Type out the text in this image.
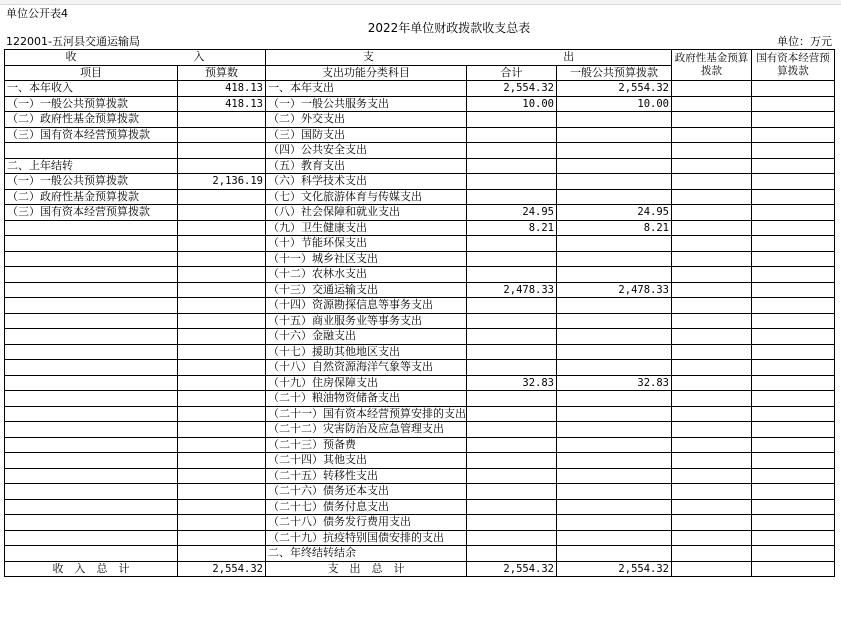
单位公开表4
2022年单位财政拨款收支总表
122001-五河县交通运输局	单位：万元
收 入		支 出			政府性基金预算拨款	国有资本经营预算拨款
项目	预算数	支出功能分类科目	合计	一般公共预算拨款		
一、本年收入	418.13	一、本年支出	2,554.32	2,554.32		
（一）一般公共预算拨款	418.13	（一）一般公共服务支出	10.00	10.00		
（二）政府性基金预算拨款		（二）外交支出				
（三）国有资本经营预算拨款		（三）国防支出				
		（四）公共安全支出				
二、上年结转		（五）教育支出				
（一）一般公共预算拨款	2,136.19	（六）科学技术支出				
（二）政府性基金预算拨款		（七）文化旅游体育与传媒支出				
（三）国有资本经营预算拨款		（八）社会保障和就业支出	24.95	24.95		
		（九）卫生健康支出	8.21	8.21		
		（十）节能环保支出				
		（十一）城乡社区支出				
		（十二）农林水支出				
		（十三）交通运输支出	2,478.33	2,478.33		
		（十四）资源勘探信息等事务支出				
		（十五）商业服务业等事务支出				
		（十六）金融支出				
		（十七）援助其他地区支出				
		（十八）自然资源海洋气象等支出				
		（十九）住房保障支出	32.83	32.83		
		（二十）粮油物资储备支出				
		（二十一）国有资本经营预算安排的支出				
		（二十二）灾害防治及应急管理支出				
		（二十三）预备费				
		（二十四）其他支出				
		（二十五）转移性支出				
		（二十六）债务还本支出				
		（二十七）债务付息支出				
		（二十八）债务发行费用支出				
		（二十九）抗疫特别国债安排的支出				
		二、年终结转结余				
收　入　总　计	2,554.32	支　出　总　计	2,554.32	2,554.32		
